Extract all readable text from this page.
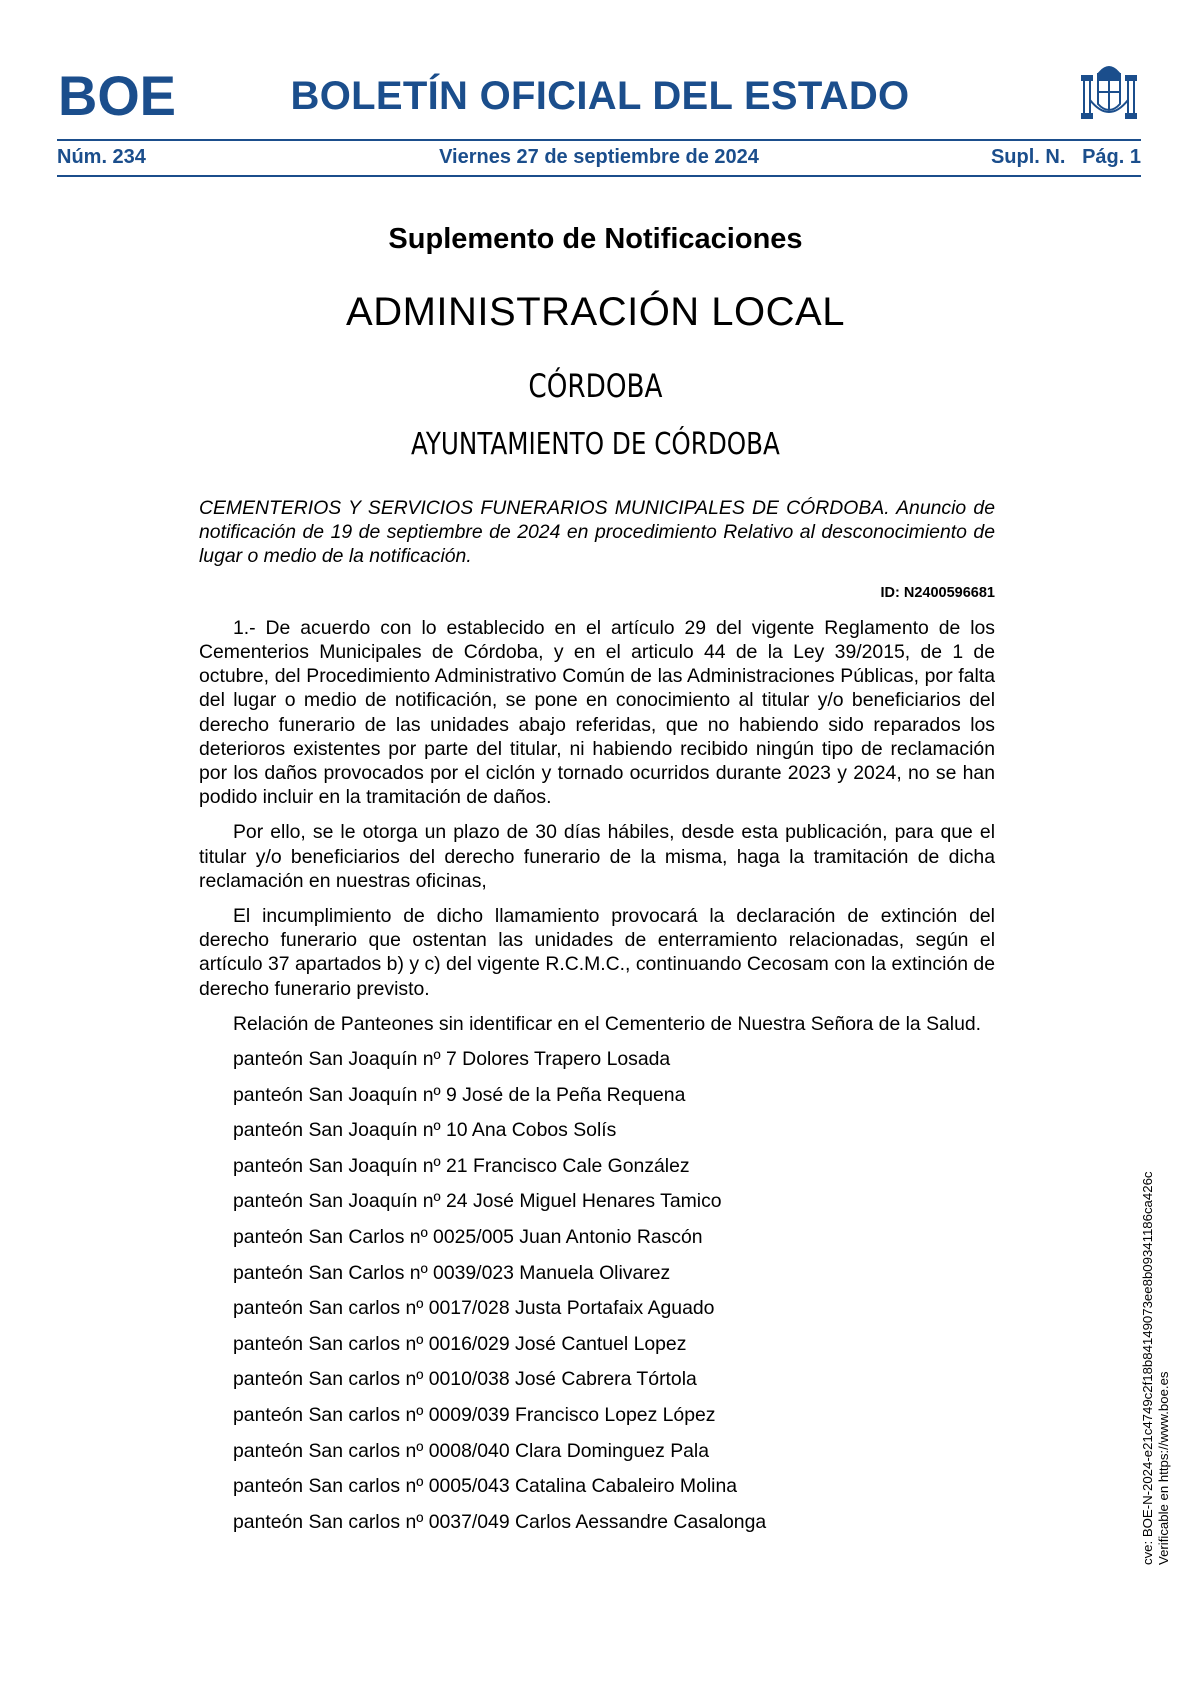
BOE	BOLETÍN OFICIAL DEL ESTADO
Núm. 234	Viernes 27 de septiembre de 2024	Supl. N.   Pág. 1
Suplemento de Notificaciones
ADMINISTRACIÓN LOCAL
CÓRDOBA
AYUNTAMIENTO DE CÓRDOBA

CEMENTERIOS Y SERVICIOS FUNERARIOS MUNICIPALES DE CÓRDOBA. Anuncio de notificación de 19 de septiembre de 2024 en procedimiento Relativo al desconocimiento de lugar o medio de la notificación.

ID: N2400596681

1.- De acuerdo con lo establecido en el artículo 29 del vigente Reglamento de los Cementerios Municipales de Córdoba, y en el articulo 44 de la Ley 39/2015, de 1 de octubre, del Procedimiento Administrativo Común de las Administraciones Públicas, por falta del lugar o medio de notificación, se pone en conocimiento al titular y/o beneficiarios del derecho funerario de las unidades abajo referidas, que no habiendo sido reparados los deterioros existentes por parte del titular, ni habiendo recibido ningún tipo de reclamación por los daños provocados por el ciclón y tornado ocurridos durante 2023 y 2024, no se han podido incluir en la tramitación de daños.

Por ello, se le otorga un plazo de 30 días hábiles, desde esta publicación, para que el titular y/o beneficiarios del derecho funerario de la misma, haga la tramitación de dicha reclamación en nuestras oficinas,

El incumplimiento de dicho llamamiento provocará la declaración de extinción del derecho funerario que ostentan las unidades de enterramiento relacionadas, según el artículo 37 apartados b) y c) del vigente R.C.M.C., continuando Cecosam con la extinción de derecho funerario previsto.

Relación de Panteones sin identificar en el Cementerio de Nuestra Señora de la Salud.

panteón San Joaquín nº 7 Dolores Trapero Losada
panteón San Joaquín nº 9 José de la Peña Requena
panteón San Joaquín nº 10 Ana Cobos Solís
panteón San Joaquín nº 21 Francisco Cale González
panteón San Joaquín nº 24 José Miguel Henares Tamico
panteón San Carlos nº 0025/005 Juan Antonio Rascón
panteón San Carlos nº 0039/023 Manuela Olivarez
panteón San carlos nº 0017/028 Justa Portafaix Aguado
panteón San carlos nº 0016/029 José Cantuel Lopez
panteón San carlos nº 0010/038 José Cabrera Tórtola
panteón San carlos nº 0009/039 Francisco Lopez López
panteón San carlos nº 0008/040 Clara Dominguez Pala
panteón San carlos nº 0005/043 Catalina Cabaleiro Molina
panteón San carlos nº 0037/049 Carlos Aessandre Casalonga	cve: BOE-N-2024-e21c4749c2f18b84149073ee8b09341186ca426c Verificable en https://www.boe.es
